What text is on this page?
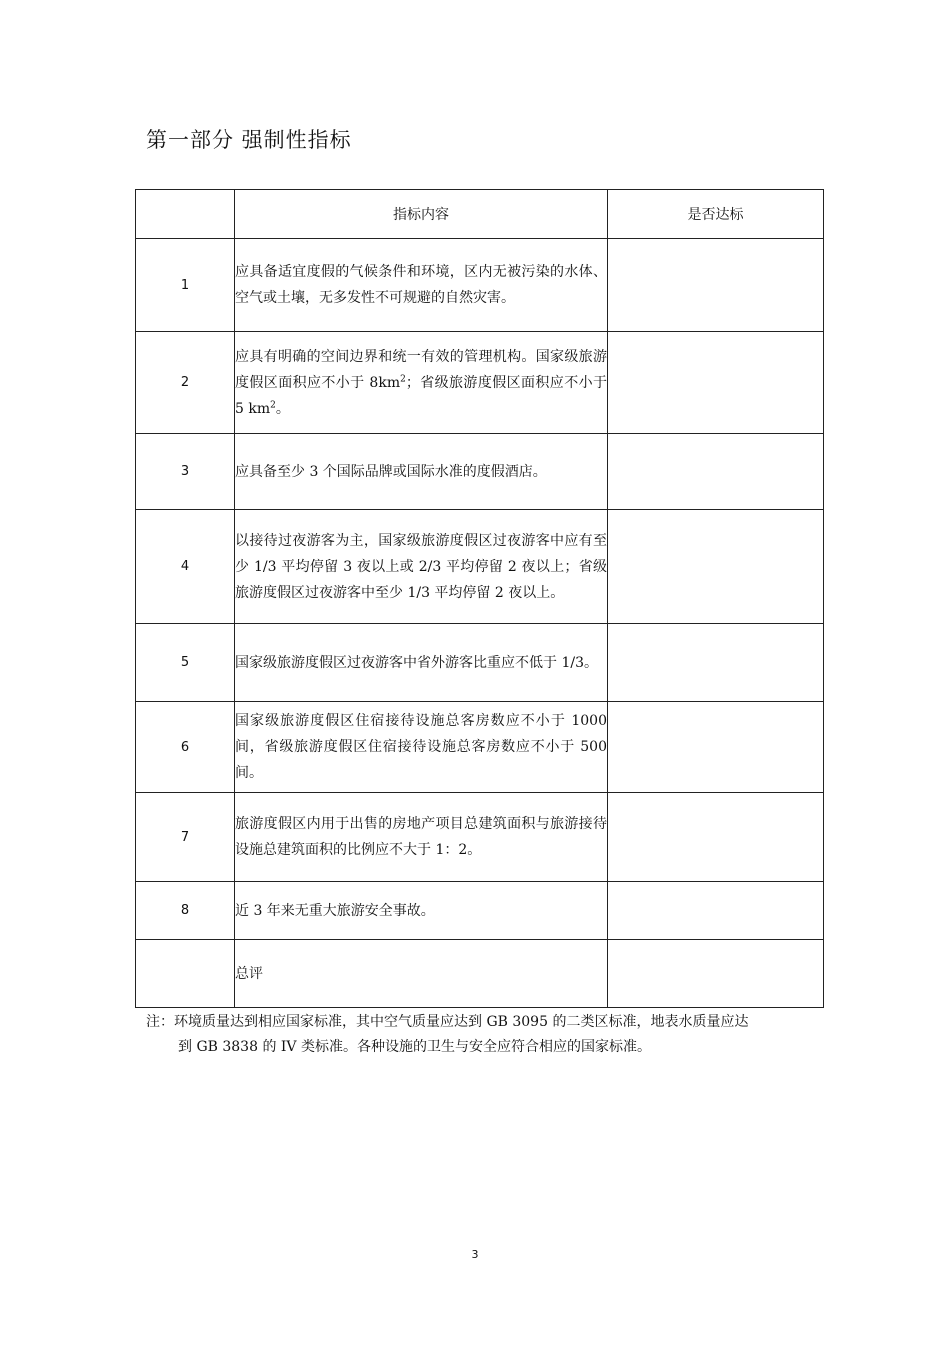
第一部分 强制性指标
	指标内容	是否达标
1	应具备适宜度假的气候条件和环境，区内无被污染的水体、空气或土壤，无多发性不可规避的自然灾害。	
2	应具有明确的空间边界和统一有效的管理机构。国家级旅游度假区面积应不小于 $8km^2$；省级旅游度假区面积应不小于 5 $km^2$。	
3	应具备至少 3 个国际品牌或国际水准的度假酒店。	
4	以接待过夜游客为主，国家级旅游度假区过夜游客中应有至少 1/3 平均停留 3 夜以上或 2/3 平均停留 2 夜以上；省级旅游度假区过夜游客中至少 1/3 平均停留 2 夜以上。	
5	国家级旅游度假区过夜游客中省外游客比重应不低于 1/3。	
6	国家级旅游度假区住宿接待设施总客房数应不小于 1000 间，省级旅游度假区住宿接待设施总客房数应不小于 500 间。	
7	旅游度假区内用于出售的房地产项目总建筑面积与旅游接待设施总建筑面积的比例应不大于 1：2。	
8	近 3 年来无重大旅游安全事故。	
	总评	

注：环境质量达到相应国家标准，其中空气质量应达到 GB 3095 的二类区标准，地表水质量应达
到 GB 3838 的 IV 类标准。各种设施的卫生与安全应符合相应的国家标准。

3
